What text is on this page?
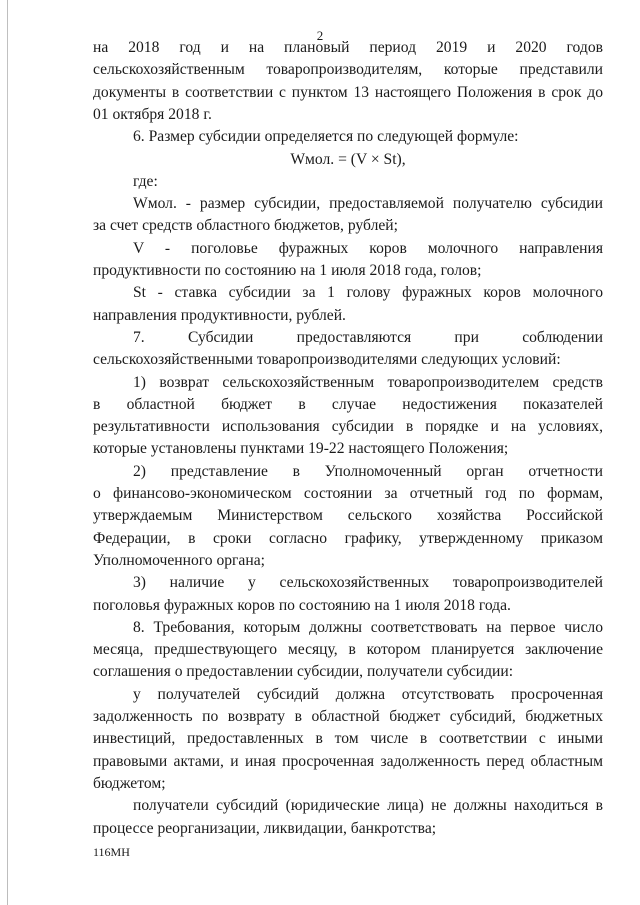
2
на 2018 год и на плановый период 2019 и 2020 годов
сельскохозяйственным товаропроизводителям, которые представили
документы в соответствии с пунктом 13 настоящего Положения в срок до
01 октября 2018 г.
6. Размер субсидии определяется по следующей формуле:
Wмол. = (V × St),
где:
Wмол. - размер субсидии, предоставляемой получателю субсидии
за счет средств областного бюджетов, рублей;
V - поголовье фуражных коров молочного направления
продуктивности по состоянию на 1 июля 2018 года, голов;
St - ставка субсидии за 1 голову фуражных коров молочного
направления продуктивности, рублей.
7. Субсидии предоставляются при соблюдении
сельскохозяйственными товаропроизводителями следующих условий:
1) возврат сельскохозяйственным товаропроизводителем средств
в областной бюджет в случае недостижения показателей
результативности использования субсидии в порядке и на условиях,
которые установлены пунктами 19-22 настоящего Положения;
2) представление в Уполномоченный орган отчетности
о финансово-экономическом состоянии за отчетный год по формам,
утверждаемым Министерством сельского хозяйства Российской
Федерации, в сроки согласно графику, утвержденному приказом
Уполномоченного органа;
3) наличие у сельскохозяйственных товаропроизводителей
поголовья фуражных коров по состоянию на 1 июля 2018 года.
8. Требования, которым должны соответствовать на первое число
месяца, предшествующего месяцу, в котором планируется заключение
соглашения о предоставлении субсидии, получатели субсидии:
у получателей субсидий должна отсутствовать просроченная
задолженность по возврату в областной бюджет субсидий, бюджетных
инвестиций, предоставленных в том числе в соответствии с иными
правовыми актами, и иная просроченная задолженность перед областным
бюджетом;
получатели субсидий (юридические лица) не должны находиться в
процессе реорганизации, ликвидации, банкротства;
116МН
